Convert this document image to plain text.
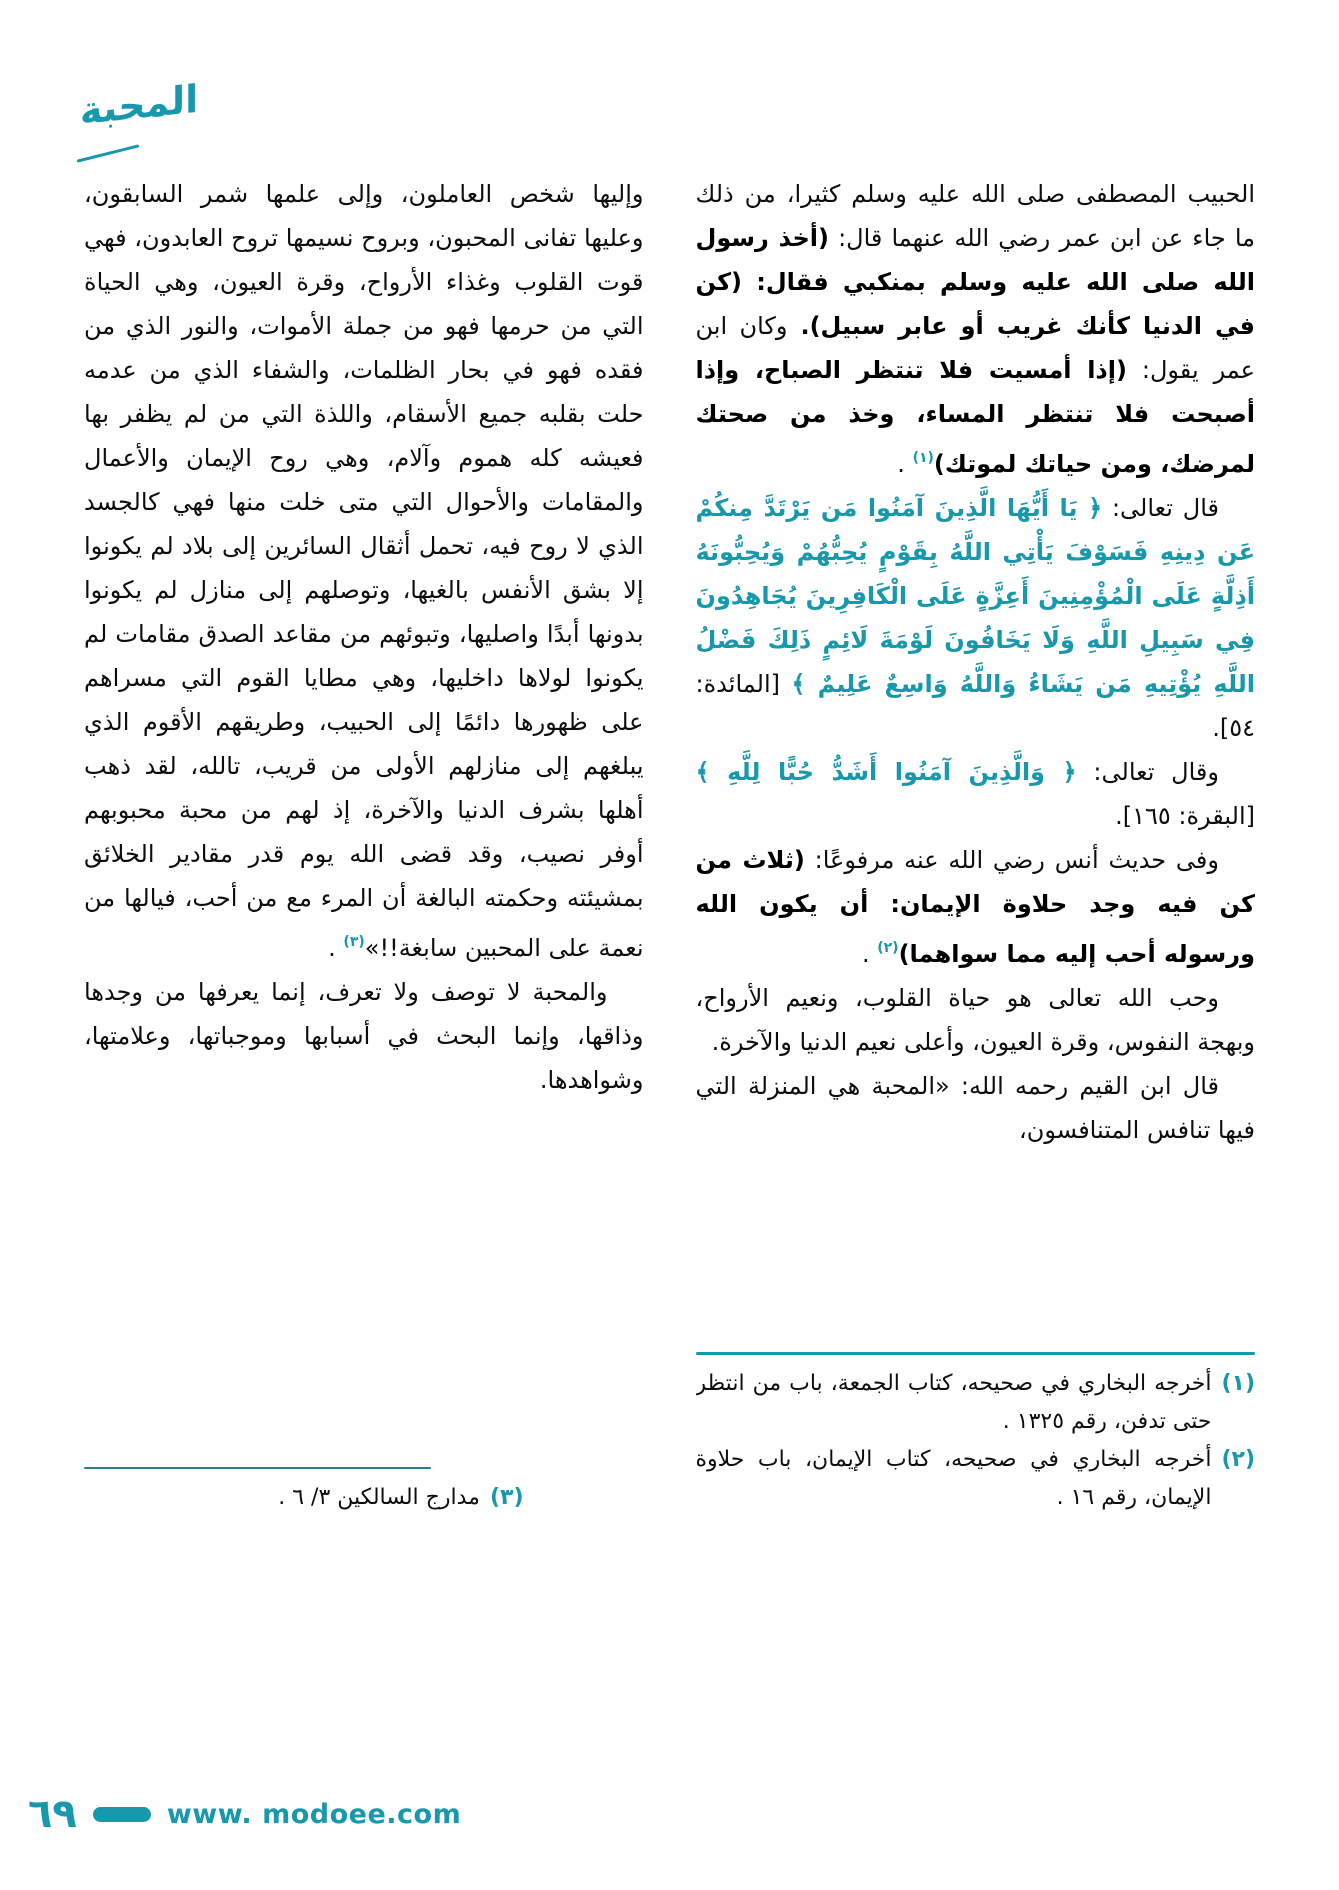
المحبة

الحبيب المصطفى صلى الله عليه وسلم كثيرا، من ذلك ما جاء عن ابن عمر رضي الله عنهما قال: (أخذ رسول الله صلى الله عليه وسلم بمنكبي فقال: (كن في الدنيا كأنك غريب أو عابر سبيل). وكان ابن عمر يقول: (إذا أمسيت فلا تنتظر الصباح، وإذا أصبحت فلا تنتظر المساء، وخذ من صحتك لمرضك، ومن حياتك لموتك)$^{(١)}$ .

قال تعالى: ﴿ يَا أَيُّهَا الَّذِينَ آمَنُوا مَن يَرْتَدَّ مِنكُمْ عَن دِينِهِ فَسَوْفَ يَأْتِي اللَّهُ بِقَوْمٍ يُحِبُّهُمْ وَيُحِبُّونَهُ أَذِلَّةٍ عَلَى الْمُؤْمِنِينَ أَعِزَّةٍ عَلَى الْكَافِرِينَ يُجَاهِدُونَ فِي سَبِيلِ اللَّهِ وَلَا يَخَافُونَ لَوْمَةَ لَائِمٍ ذَلِكَ فَضْلُ اللَّهِ يُؤْتِيهِ مَن يَشَاءُ وَاللَّهُ وَاسِعٌ عَلِيمٌ ﴾ [المائدة: ٥٤].

وقال تعالى: ﴿ وَالَّذِينَ آمَنُوا أَشَدُّ حُبًّا لِلَّهِ ﴾ [البقرة: ١٦٥].

وفى حديث أنس رضي الله عنه مرفوعًا: (ثلاث من كن فيه وجد حلاوة الإيمان: أن يكون الله ورسوله أحب إليه مما سواهما)$^{(٢)}$ .

وحب الله تعالى هو حياة القلوب، ونعيم الأرواح، وبهجة النفوس، وقرة العيون، وأعلى نعيم الدنيا والآخرة.

قال ابن القيم رحمه الله: «المحبة هي المنزلة التي فيها تنافس المتنافسون،

(١)
أخرجه البخاري في صحيحه، كتاب الجمعة، باب من انتظر حتى تدفن، رقم ١٣٢٥ .
(٢)
أخرجه البخاري في صحيحه، كتاب الإيمان، باب حلاوة الإيمان، رقم ١٦ .

وإليها شخص العاملون، وإلى علمها شمر السابقون، وعليها تفانى المحبون، وبروح نسيمها تروح العابدون، فهي قوت القلوب وغذاء الأرواح، وقرة العيون، وهي الحياة التي من حرمها فهو من جملة الأموات، والنور الذي من فقده فهو في بحار الظلمات، والشفاء الذي من عدمه حلت بقلبه جميع الأسقام، واللذة التي من لم يظفر بها فعيشه كله هموم وآلام، وهي روح الإيمان والأعمال والمقامات والأحوال التي متى خلت منها فهي كالجسد الذي لا روح فيه، تحمل أثقال السائرين إلى بلاد لم يكونوا إلا بشق الأنفس بالغيها، وتوصلهم إلى منازل لم يكونوا بدونها أبدًا واصليها، وتبوئهم من مقاعد الصدق مقامات لم يكونوا لولاها داخليها، وهي مطايا القوم التي مسراهم على ظهورها دائمًا إلى الحبيب، وطريقهم الأقوم الذي يبلغهم إلى منازلهم الأولى من قريب، تالله، لقد ذهب أهلها بشرف الدنيا والآخرة، إذ لهم من محبة محبوبهم أوفر نصيب، وقد قضى الله يوم قدر مقادير الخلائق بمشيئته وحكمته البالغة أن المرء مع من أحب، فيالها من نعمة على المحبين سابغة!!»$^{(٣)}$ .

والمحبة لا توصف ولا تعرف، إنما يعرفها من وجدها وذاقها، وإنما البحث في أسبابها وموجباتها، وعلامتها، وشواهدها.

(٣)
مدارج السالكين ٣/ ٦ .
٦٩	www. modoee.com
